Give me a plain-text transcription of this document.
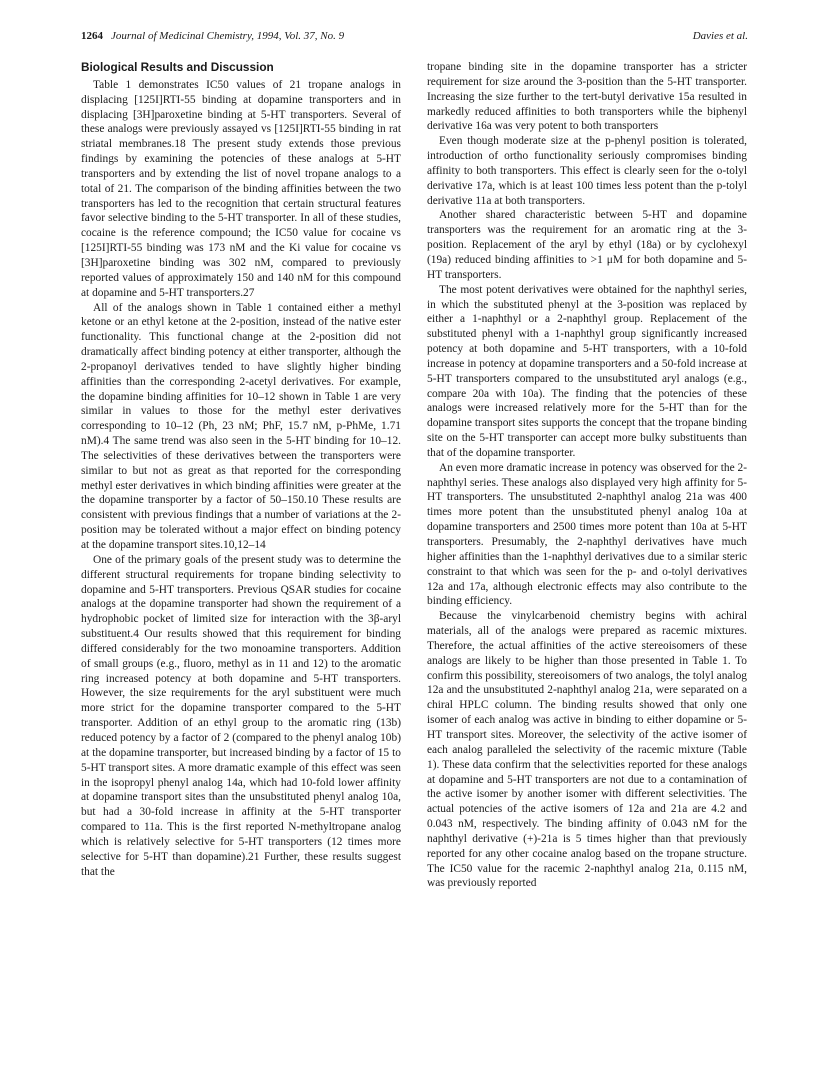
1264 Journal of Medicinal Chemistry, 1994, Vol. 37, No. 9	Davies et al.
Biological Results and Discussion

Table 1 demonstrates IC50 values of 21 tropane analogs in displacing [125I]RTI-55 binding at dopamine transporters and in displacing [3H]paroxetine binding at 5-HT transporters. Several of these analogs were previously assayed vs [125I]RTI-55 binding in rat striatal membranes.18 The present study extends those previous findings by examining the potencies of these analogs at 5-HT transporters and by extending the list of novel tropane analogs to a total of 21. The comparison of the binding affinities between the two transporters has led to the recognition that certain structural features favor selective binding to the 5-HT transporter. In all of these studies, cocaine is the reference compound; the IC50 value for cocaine vs [125I]RTI-55 binding was 173 nM and the Ki value for cocaine vs [3H]paroxetine binding was 302 nM, compared to previously reported values of approximately 150 and 140 nM for this compound at dopamine and 5-HT transporters.27

All of the analogs shown in Table 1 contained either a methyl ketone or an ethyl ketone at the 2-position, instead of the native ester functionality. This functional change at the 2-position did not dramatically affect binding potency at either transporter, although the 2-propanoyl derivatives tended to have slightly higher binding affinities than the corresponding 2-acetyl derivatives. For example, the dopamine binding affinities for 10–12 shown in Table 1 are very similar in values to those for the methyl ester derivatives corresponding to 10–12 (Ph, 23 nM; PhF, 15.7 nM, p-PhMe, 1.71 nM).4 The same trend was also seen in the 5-HT binding for 10–12. The selectivities of these derivatives between the transporters were similar to but not as great as that reported for the corresponding methyl ester derivatives in which binding affinities were greater at the the dopamine transporter by a factor of 50–150.10 These results are consistent with previous findings that a number of variations at the 2-position may be tolerated without a major effect on binding potency at the dopamine transport sites.10,12–14

One of the primary goals of the present study was to determine the different structural requirements for tropane binding selectivity to dopamine and 5-HT transporters. Previous QSAR studies for cocaine analogs at the dopamine transporter had shown the requirement of a hydrophobic pocket of limited size for interaction with the 3β-aryl substituent.4 Our results showed that this requirement for binding differed considerably for the two monoamine transporters. Addition of small groups (e.g., fluoro, methyl as in 11 and 12) to the aromatic ring increased potency at both dopamine and 5-HT transporters. However, the size requirements for the aryl substituent were much more strict for the dopamine transporter compared to the 5-HT transporter. Addition of an ethyl group to the aromatic ring (13b) reduced potency by a factor of 2 (compared to the phenyl analog 10b) at the dopamine transporter, but increased binding by a factor of 15 to 5-HT transport sites. A more dramatic example of this effect was seen in the isopropyl phenyl analog 14a, which had 10-fold lower affinity at dopamine transport sites than the unsubstituted phenyl analog 10a, but had a 30-fold increase in affinity at the 5-HT transporter compared to 11a. This is the first reported N-methyltropane analog which is relatively selective for 5-HT transporters (12 times more selective for 5-HT than dopamine).21 Further, these results suggest that the

tropane binding site in the dopamine transporter has a stricter requirement for size around the 3-position than the 5-HT transporter. Increasing the size further to the tert-butyl derivative 15a resulted in markedly reduced affinities to both transporters while the biphenyl derivative 16a was very potent to both transporters

Even though moderate size at the p-phenyl position is tolerated, introduction of ortho functionality seriously compromises binding affinity to both transporters. This effect is clearly seen for the o-tolyl derivative 17a, which is at least 100 times less potent than the p-tolyl derivative 11a at both transporters.

Another shared characteristic between 5-HT and dopamine transporters was the requirement for an aromatic ring at the 3-position. Replacement of the aryl by ethyl (18a) or by cyclohexyl (19a) reduced binding affinities to >1 μM for both dopamine and 5-HT transporters.

The most potent derivatives were obtained for the naphthyl series, in which the substituted phenyl at the 3-position was replaced by either a 1-naphthyl or a 2-naphthyl group. Replacement of the substituted phenyl with a 1-naphthyl group significantly increased potency at both dopamine and 5-HT transporters, with a 10-fold increase in potency at dopamine transporters and a 50-fold increase at 5-HT transporters compared to the unsubstituted aryl analogs (e.g., compare 20a with 10a). The finding that the potencies of these analogs were increased relatively more for the 5-HT than for the dopamine transport sites supports the concept that the tropane binding site on the 5-HT transporter can accept more bulky substituents than that of the dopamine transporter.

An even more dramatic increase in potency was observed for the 2-naphthyl series. These analogs also displayed very high affinity for 5-HT transporters. The unsubstituted 2-naphthyl analog 21a was 400 times more potent than the unsubstituted phenyl analog 10a at dopamine transporters and 2500 times more potent than 10a at 5-HT transporters. Presumably, the 2-naphthyl derivatives have much higher affinities than the 1-naphthyl derivatives due to a similar steric constraint to that which was seen for the p- and o-tolyl derivatives 12a and 17a, although electronic effects may also contribute to the binding efficiency.

Because the vinylcarbenoid chemistry begins with achiral materials, all of the analogs were prepared as racemic mixtures. Therefore, the actual affinities of the active stereoisomers of these analogs are likely to be higher than those presented in Table 1. To confirm this possibility, stereoisomers of two analogs, the tolyl analog 12a and the unsubstituted 2-naphthyl analog 21a, were separated on a chiral HPLC column. The binding results showed that only one isomer of each analog was active in binding to either dopamine or 5-HT transport sites. Moreover, the selectivity of the active isomer of each analog paralleled the selectivity of the racemic mixture (Table 1). These data confirm that the selectivities reported for these analogs at dopamine and 5-HT transporters are not due to a contamination of the active isomer by another isomer with different selectivities. The actual potencies of the active isomers of 12a and 21a are 4.2 and 0.043 nM, respectively. The binding affinity of 0.043 nM for the naphthyl derivative (+)-21a is 5 times higher than that previously reported for any other cocaine analog based on the tropane structure. The IC50 value for the racemic 2-naphthyl analog 21a, 0.115 nM, was previously reported
